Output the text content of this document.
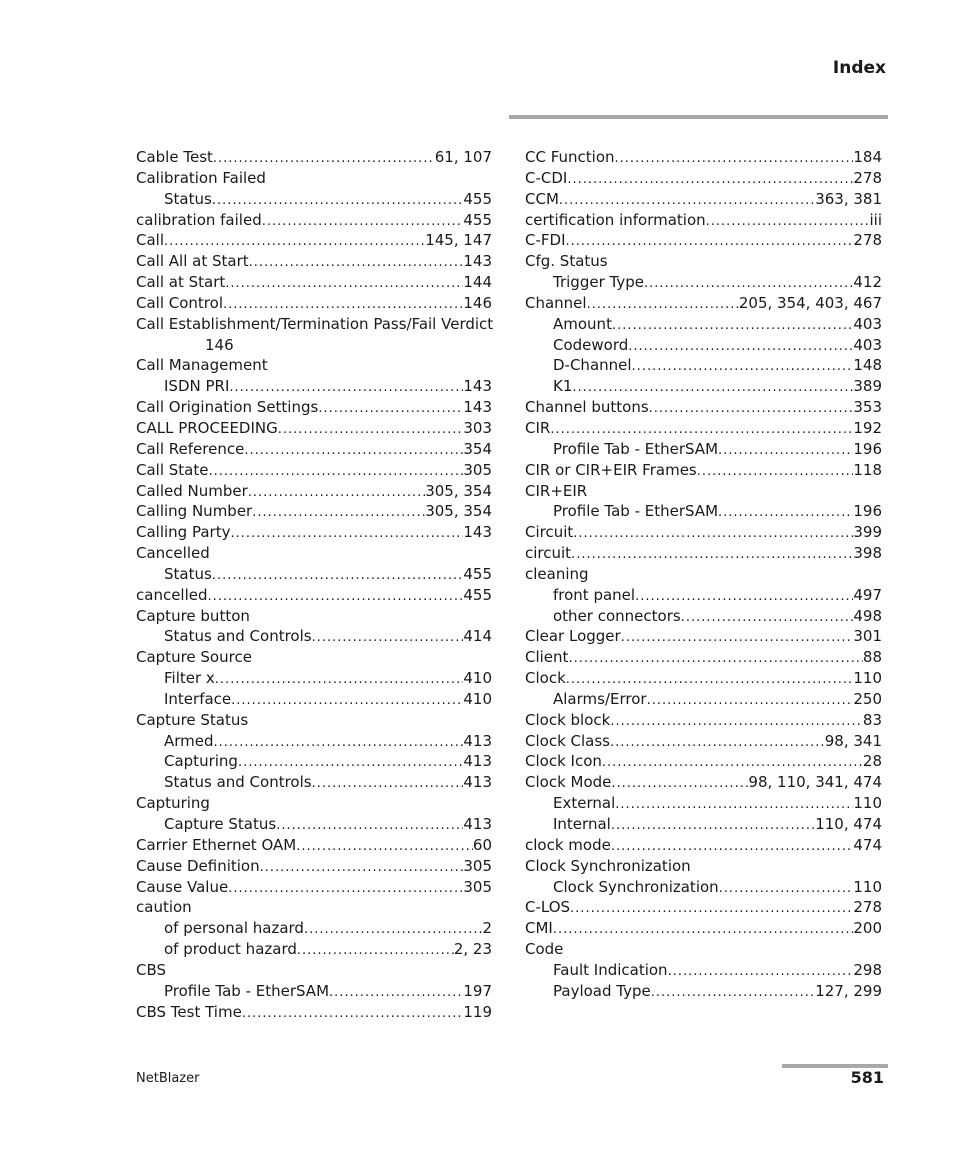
Index
Cable Test .....	61, 107
Calibration Failed
Status .....	455
calibration failed .....	455
Call .....	145, 147
Call All at Start .....	143
Call at Start .....	144
Call Control .....	146
Call Establishment/Termination Pass/Fail Verdict
146
Call Management
ISDN PRI .....	143
Call Origination Settings .....	143
CALL PROCEEDING .....	303
Call Reference .....	354
Call State .....	305
Called Number .....	305, 354
Calling Number .....	305, 354
Calling Party .....	143
Cancelled
Status .....	455
cancelled .....	455
Capture button
Status and Controls .....	414
Capture Source
Filter x .....	410
Interface .....	410
Capture Status
Armed .....	413
Capturing .....	413
Status and Controls .....	413
Capturing
Capture Status .....	413
Carrier Ethernet OAM .....	60
Cause Definition .....	305
Cause Value .....	305
caution
of personal hazard .....	2
of product hazard .....	2, 23
CBS
Profile Tab - EtherSAM .....	197
CBS Test Time .....	119
CC Function .....	184
C-CDI .....	278
CCM .....	363, 381
certification information .....	iii
C-FDI .....	278
Cfg. Status
Trigger Type .....	412
Channel .....	205, 354, 403, 467
Amount .....	403
Codeword .....	403
D-Channel .....	148
K1 .....	389
Channel buttons .....	353
CIR .....	192
Profile Tab - EtherSAM .....	196
CIR or CIR+EIR Frames .....	118
CIR+EIR
Profile Tab - EtherSAM .....	196
Circuit .....	399
circuit .....	398
cleaning
front panel .....	497
other connectors .....	498
Clear Logger .....	301
Client .....	88
Clock .....	110
Alarms/Error .....	250
Clock block .....	83
Clock Class .....	98, 341
Clock Icon .....	28
Clock Mode .....	98, 110, 341, 474
External .....	110
Internal .....	110, 474
clock mode .....	474
Clock Synchronization
Clock Synchronization .....	110
C-LOS .....	278
CMI .....	200
Code
Fault Indication .....	298
Payload Type .....	127, 299
NetBlazer	581
